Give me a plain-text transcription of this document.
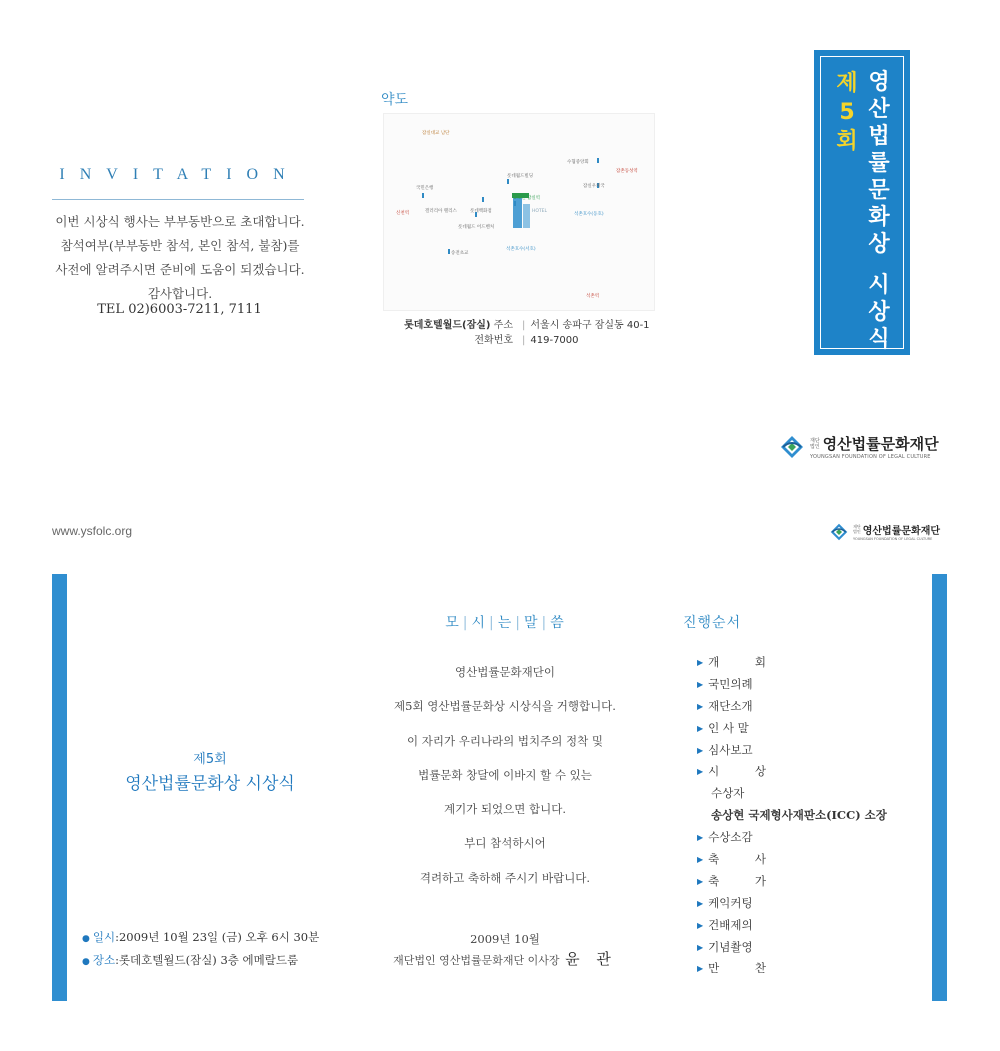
INVITATION
이번 시상식 행사는 부부동반으로 초대합니다.
참석여부(부부동반 참석, 본인 참석, 불참)를
사전에 알려주시면 준비에 도움이 되겠습니다.
감사합니다.
TEL 02)6003-7211, 7111
약도
잠실대교 남단
수협중앙회
롯데월드빌딩
잠실우체국
잠촌동성역
국민은행
2호선 잠실역
신천역	갤러리아 팰리스	롯데백화점
석촌호수(동호)
롯데월드 어드벤처
HOTEL
석촌호수(서호)
송전초교
석촌역
롯데호텔월드(잠실) 주소 | 서울시 송파구 잠실동 40-1
전화번호 | 419-7000
제
5
회
영
산
법
률
문
화
상
시
상
식
재단
법인 영산법률문화재단
YOUNGSAN FOUNDATION OF LEGAL CULTURE
www.ysfolc.org	재단
법인 영산법률문화재단
YOUNGSAN FOUNDATION OF LEGAL CULTURE
제5회
영산법률문화상 시상식
● 일시:2009년 10월 23일 (금) 오후 6시 30분
● 장소:롯데호텔월드(잠실) 3층 에메랄드룸
모 | 시 | 는 | 말 | 씀
영산법률문화재단이
제5회 영산법률문화상 시상식을 거행합니다.
이 자리가 우리나라의 법치주의 정착 및
법률문화 창달에 이바지 할 수 있는
계기가 되었으면 합니다.
부디 참석하시어
격려하고 축하해 주시기 바랍니다.
2009년 10월
재단법인 영산법률문화재단 이사장 윤 관
진행순서
▶ 개 회
▶ 국민의례
▶ 재단소개
▶ 인 사 말
▶ 심사보고
▶ 시 상
수상자
송상현 국제형사재판소(ICC) 소장
▶ 수상소감
▶ 축 사
▶ 축 가
▶ 케익커팅
▶ 건배제의
▶ 기념촬영
▶ 만 찬
